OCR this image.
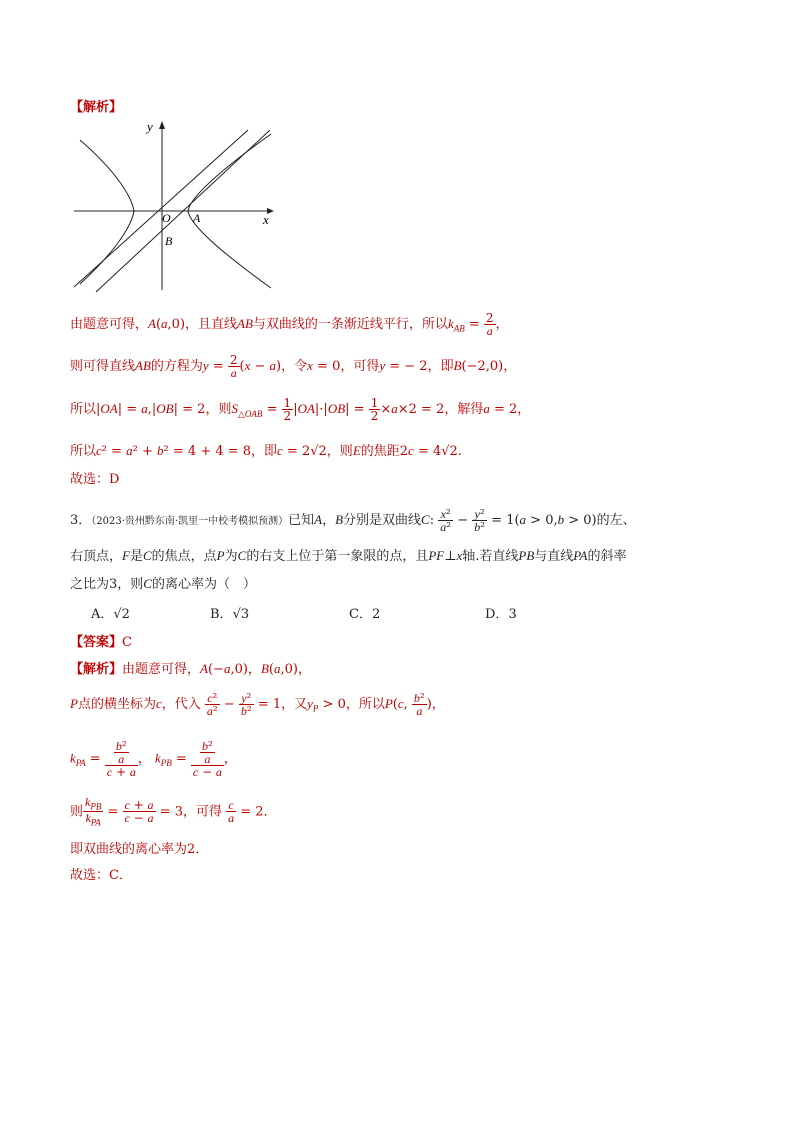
【解析】
y
x
O A
B
由题意可得，A(a,0)，且直线AB与双曲线的一条渐近线平行，所以$k_{AB} = \frac{2}{a}$ ，
则可得直线AB的方程为$y = \frac{2}{a} (x - a)$，令x = 0，可得y = − 2，即B(−2,0)，
所以|OA| = a,|OB| = 2，则$S_{\triangle OAB} = \frac{1}{2} |OA|\cdot|OB| = \frac{1}{2} \times a\times 2 = 2$，解得a = 2，
所以c² = a² + b² = 4 + 4 = 8，即c = 2√2，则E的焦距2c = 4√2.
故选：D
3．（2023·贵州黔东南·凯里一中校考模拟预测）已知A，B分别是双曲线C: $\frac{\text{x²}}{\text{a²}} - \frac{\text{y²}}{\text{b²}} = 1(a > 0,b > 0)$的左、
右顶点，F是C的焦点，点P为C的右支上位于第一象限的点，且PF⊥x轴.若直线PB与直线PA的斜率
之比为3，则C的离心率为（　）
A．√2	B．√3	C．2	D．3
【答案】C
【解析】由题意可得，A(−a,0)，B(a,0)，
P点的横坐标为c，代入 $\frac{\text{c²}}{\text{a²}} - \frac{\text{y²}}{\text{b²}} = 1$，又$y_P > 0$，所以P(c, $\frac{\text{b²}}{a}$ )，
$k_{PA} = \frac{\frac{\text{b²}}{a}}{c + a}$ ， $k_{PB} = \frac{\frac{\text{b²}}{a}}{c - a}$ ，
则 $\frac{k_{PB}}{k_{PA}} = \frac{c + a}{c - a} = 3$，可得 $\frac{c}{a} = 2$．
即双曲线的离心率为2．
故选：C．
